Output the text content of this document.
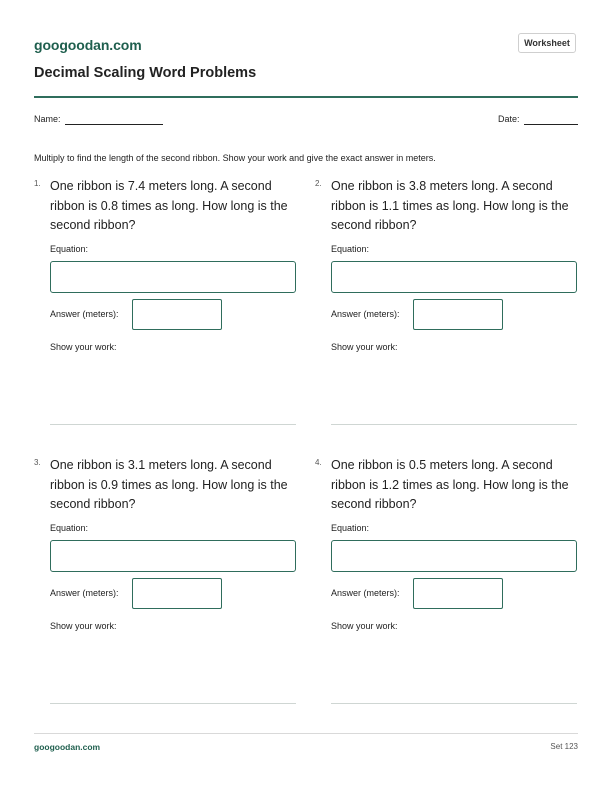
googoodan.com	Worksheet
Decimal Scaling Word Problems
Name:	Date:
Multiply to find the length of the second ribbon. Show your work and give the exact answer in meters.
1. One ribbon is 7.4 meters long. A second ribbon is 0.8 times as long. How long is the second ribbon?
Equation:
Answer (meters):
Show your work:
2. One ribbon is 3.8 meters long. A second ribbon is 1.1 times as long. How long is the second ribbon?
Equation:
Answer (meters):
Show your work:
3. One ribbon is 3.1 meters long. A second ribbon is 0.9 times as long. How long is the second ribbon?
Equation:
Answer (meters):
Show your work:
4. One ribbon is 0.5 meters long. A second ribbon is 1.2 times as long. How long is the second ribbon?
Equation:
Answer (meters):
Show your work:
googoodan.com	Set 123
